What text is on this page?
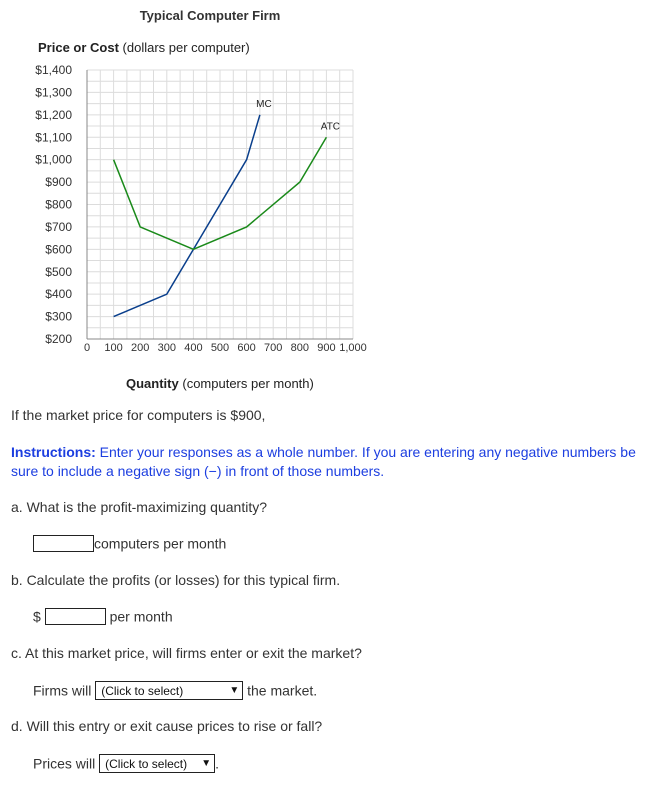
Typical Computer Firm
Price or Cost (dollars per computer)
$200
$300
$400
$500
$600
$700
$800
$900
$1,000
$1,100
$1,200
$1,300
$1,400
0 100 200 300 400 500 600 700 800 900 1,000
MC
ATC
Quantity (computers per month)
If the market price for computers is $900,
Instructions: Enter your responses as a whole number. If you are entering any negative numbers be sure to include a negative sign (−) in front of those numbers.
a. What is the profit-maximizing quantity?
computers per month
b. Calculate the profits (or losses) for this typical firm.
$	per month
c. At this market price, will firms enter or exit the market?
Firms will (Click to select)	▼ the market.
d. Will this entry or exit cause prices to rise or fall?
Prices will (Click to select) ▼ .
